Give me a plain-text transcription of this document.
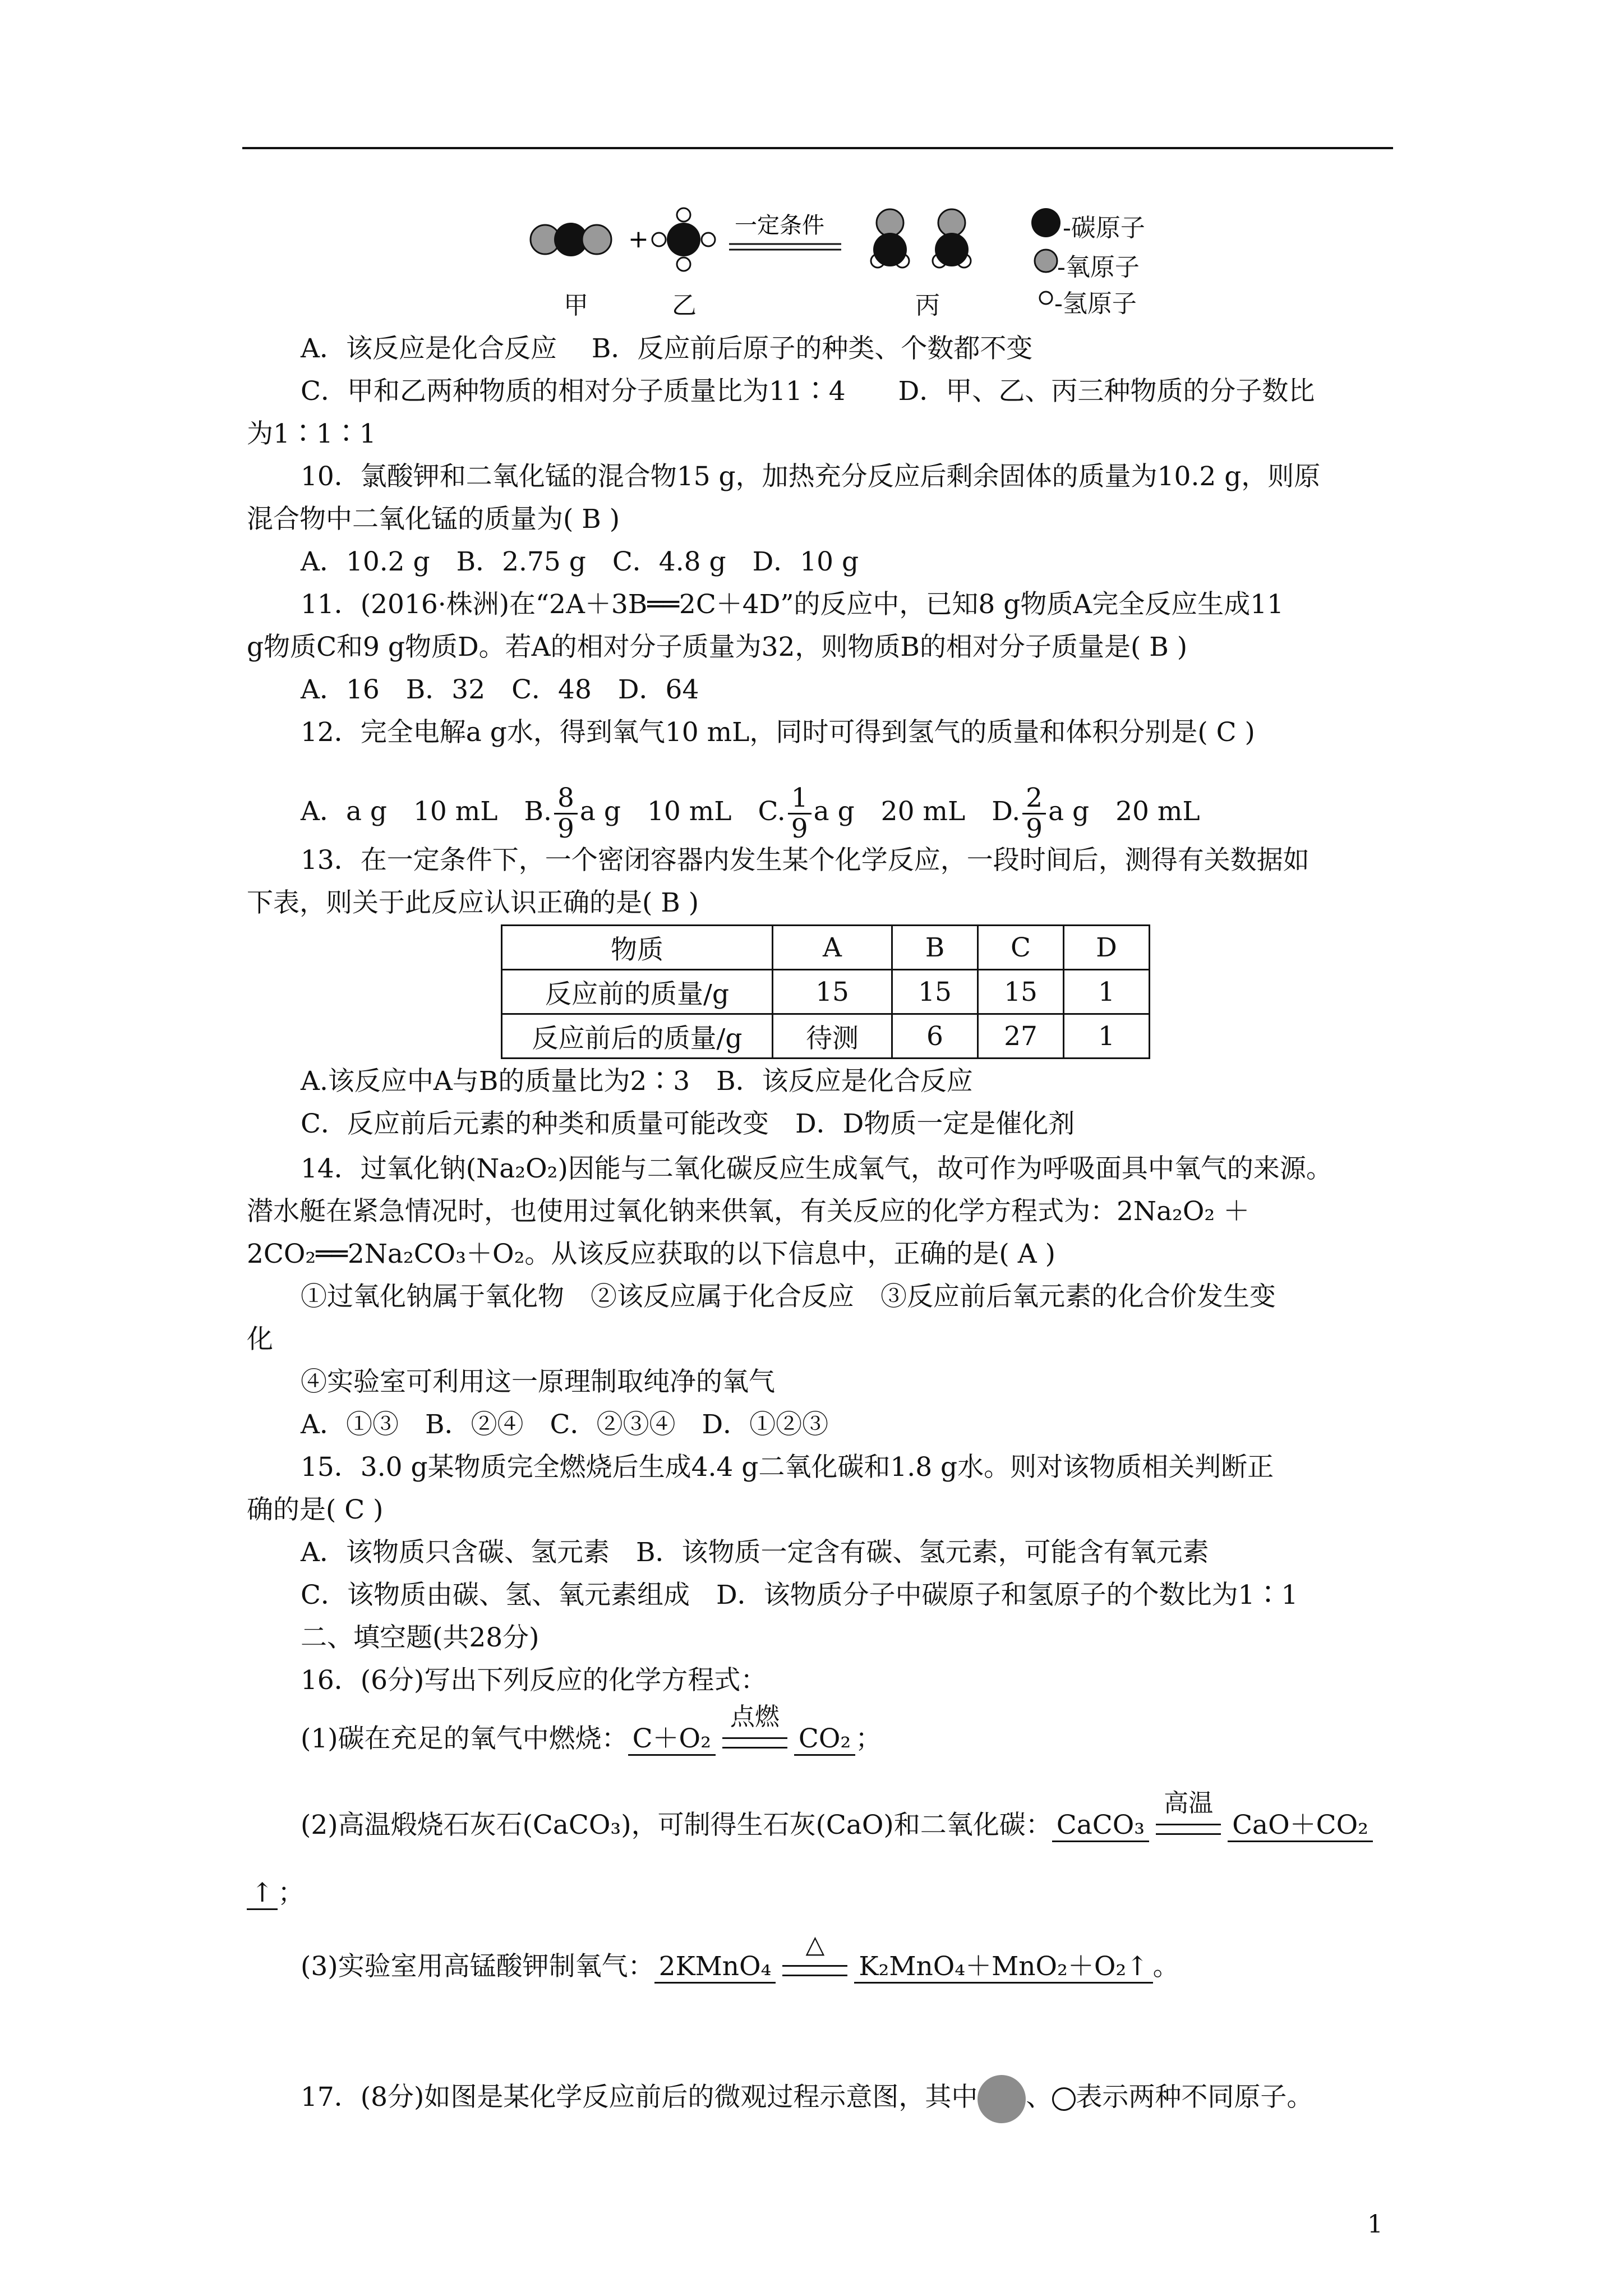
+	一定条件	-碳原子
-氧原子
-氢原子
甲	乙	丙
A．该反应是化合反应　 B．反应前后原子的种类、个数都不变
C．甲和乙两种物质的相对分子质量比为11∶4　　D．甲、乙、丙三种物质的分子数比
为1∶1∶1
10．氯酸钾和二氧化锰的混合物15 g，加热充分反应后剩余固体的质量为10.2 g，则原
混合物中二氧化锰的质量为( B )
A．10.2 g　B．2.75 g　C．4.8 g　D．10 g
11．(2016·株洲)在“2A＋3B══2C＋4D”的反应中，已知8 g物质A完全反应生成11
g物质C和9 g物质D。若A的相对分子质量为32，则物质B的相对分子质量是( B )
A．16　B．32　C．48　D．64
12．完全电解a g水，得到氧气10 mL，同时可得到氢气的质量和体积分别是( C )
A．a g　10 mL　B. $\frac{8}{9}$ a g　10 mL　C. $\frac{1}{9}$ a g　20 mL　D. $\frac{2}{9}$ a g　20 mL
13．在一定条件下，一个密闭容器内发生某个化学反应，一段时间后，测得有关数据如
下表，则关于此反应认识正确的是( B )
物质	A	B	C	D
反应前的质量/g	15	15	15	1
反应前后的质量/g	待测	6	27	1
A.该反应中A与B的质量比为2∶3　B．该反应是化合反应
C．反应前后元素的种类和质量可能改变　D．D物质一定是催化剂
14．过氧化钠(Na₂O₂)因能与二氧化碳反应生成氧气，故可作为呼吸面具中氧气的来源。
潜水艇在紧急情况时，也使用过氧化钠来供氧，有关反应的化学方程式为：2Na₂O₂ ＋
2CO₂══2Na₂CO₃＋O₂。从该反应获取的以下信息中，正确的是( A )
①过氧化钠属于氧化物　②该反应属于化合反应　③反应前后氧元素的化合价发生变
化
④实验室可利用这一原理制取纯净的氧气
A．①③　B．②④　C．②③④　D．①②③
15．3.0 g某物质完全燃烧后生成4.4 g二氧化碳和1.8 g水。则对该物质相关判断正
确的是( C )
A．该物质只含碳、氢元素　B．该物质一定含有碳、氢元素，可能含有氧元素
C．该物质由碳、氢、氧元素组成　D．该物质分子中碳原子和氢原子的个数比为1∶1
二、填空题(共28分)
16．(6分)写出下列反应的化学方程式：
(1)碳在充足的氧气中燃烧： C＋O₂
点燃
CO₂ ；
(2)高温煅烧石灰石(CaCO₃)，可制得生石灰(CaO)和二氧化碳： CaCO₃
高温
CaO＋CO₂
↑ ；
(3)实验室用高锰酸钾制氧气： 2KMnO₄
△
K₂MnO₄＋MnO₂＋O₂↑ 。
17．(8分)如图是某化学反应前后的微观过程示意图，其中 、 表示两种不同原子。
1
